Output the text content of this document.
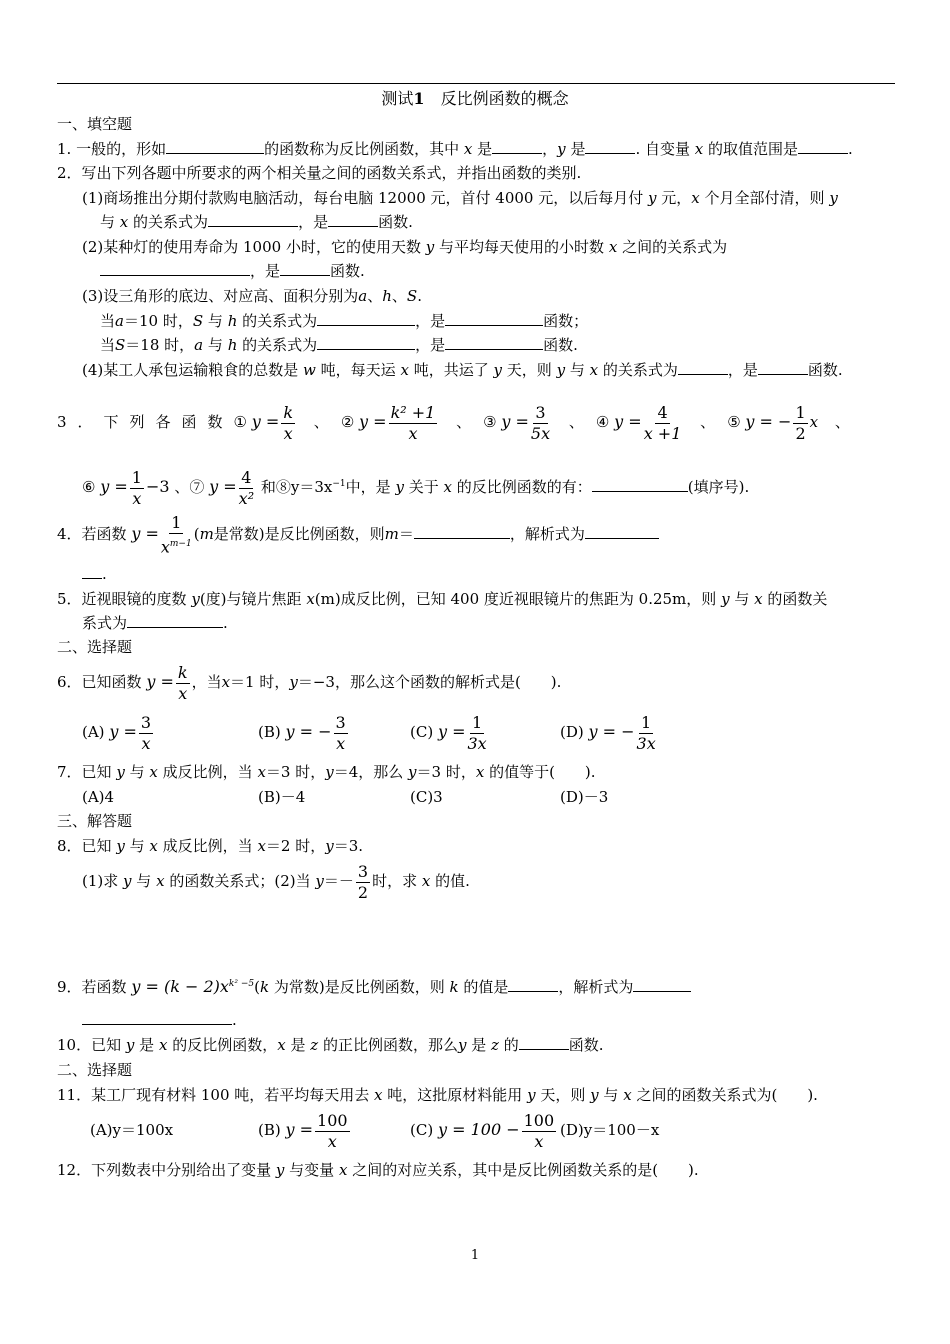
测试1　 反比例函数的概念
一、填空题
1. 一般的，形如	的函数称为反比例函数，其中 x 是	，y 是	. 自变量 x 的取值范围是	.
2．写出下列各题中所要求的两个相关量之间的函数关系式，并指出函数的类别.
(1)商场推出分期付款购电脑活动，每台电脑 12000 元，首付 4000 元，以后每月付 y 元，x 个月全部付清，则 y
与 x 的关系式为	，是	函数.
(2)某种灯的使用寿命为 1000 小时，它的使用天数 y 与平均每天使用的小时数 x 之间的关系式为
，是	函数.
(3)设三角形的底边、对应高、面积分别为a、h、S.
当a＝10 时，S 与 h 的关系式为	，是	函数；
当S＝18 时，a 与 h 的关系式为	，是	函数.
(4)某工人承包运输粮食的总数是 w 吨，每天运 x 吨，共运了 y 天，则 y 与 x 的关系式为	，是	函数.
3．下列各函数① $y = \frac{k}{x}$ 、 ② $y = \frac{\text{k² +1}}{x}$ 、 ③ $y = \frac{3}{5x}$ 、 ④ $y = \frac{4}{x +1}$ 、 ⑤ y = − $\frac{1}{2}$ x 、
⑥ $y = \frac{1}{x} -3$ 、⑦ $y = \frac{4}{\text{x²}}$ 和$⑧y=3x^{-1}$中，是 y 关于 x 的反比例函数的有：	(填序号).
4．若函数 $y = \frac{1}{x^{m-1}} (m$是常数)是反比例函数，则m＝	，解析式为
.
5．近视眼镜的度数 y(度)与镜片焦距 x(m)成反比例，已知 400 度近视眼镜片的焦距为 0.25m，则 y 与 x 的函数关
系式为	.
二、选择题
6．已知函数 $y = \frac{k}{x}$ ，当x＝1 时，y＝−3，那么这个函数的解析式是(　　).
(A) $y = \frac{3}{x}$	(B) y = − $\frac{3}{x}$	(C) $y = \frac{1}{3x}$	(D) y = − $\frac{1}{3x}$
7．已知 y 与 x 成反比例，当 x＝3 时，y＝4，那么 y＝3 时，x 的值等于(　　).
(A)4	(B)－4	(C)3	(D)－3
三、解答题
8．已知 y 与 x 成反比例，当 x＝2 时，y＝3.
(1)求 y 与 x 的函数关系式；(2)当 $y=- \frac{3}{2}$ 时，求 x 的值.
9．若函数 $y = (k - 2)x^{k^2 -5}(k$ 为常数)是反比例函数，则 k 的值是	，解析式为
.
10．已知 y 是 x 的反比例函数，x 是 z 的正比例函数，那么y 是 z 的	函数.
二、选择题
11．某工厂现有材料 100 吨，若平均每天用去 x 吨，这批原材料能用 y 天，则 y 与 x 之间的函数关系式为(　　).
(A)y＝100x	(B) $y = \frac{100}{x}$	(C) $y = 100 - \frac{100}{x} (D)y=100-x$
12．下列数表中分别给出了变量 y 与变量 x 之间的对应关系，其中是反比例函数关系的是(　　).
1
